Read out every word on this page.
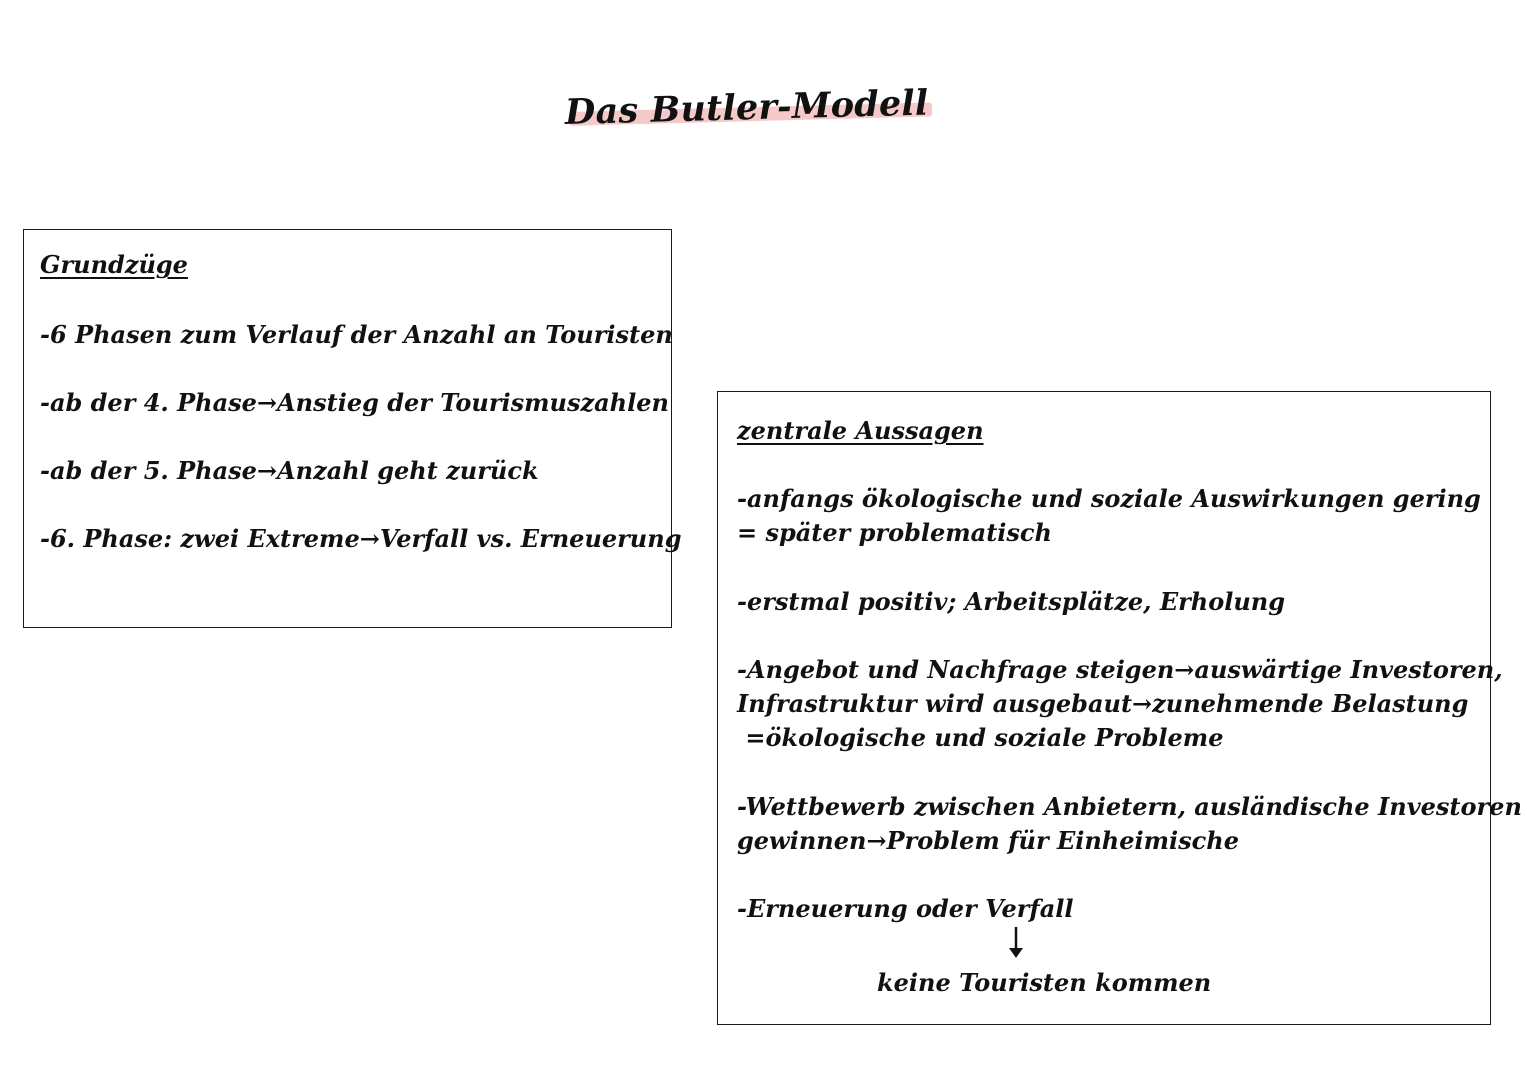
Das Butler-Modell
Grundzüge
-6 Phasen zum Verlauf der Anzahl an Touristen
-ab der 4. Phase→Anstieg der Tourismuszahlen
-ab der 5. Phase→Anzahl geht zurück
-6. Phase: zwei Extreme→Verfall vs. Erneuerung
zentrale Aussagen
-anfangs ökologische und soziale Auswirkungen gering
= später problematisch
-erstmal positiv; Arbeitsplätze, Erholung
-Angebot und Nachfrage steigen→auswärtige Investoren,
Infrastruktur wird ausgebaut→zunehmende Belastung
=ökologische und soziale Probleme
-Wettbewerb zwischen Anbietern, ausländische Investoren
gewinnen→Problem für Einheimische
-Erneuerung oder Verfall
keine Touristen kommen
